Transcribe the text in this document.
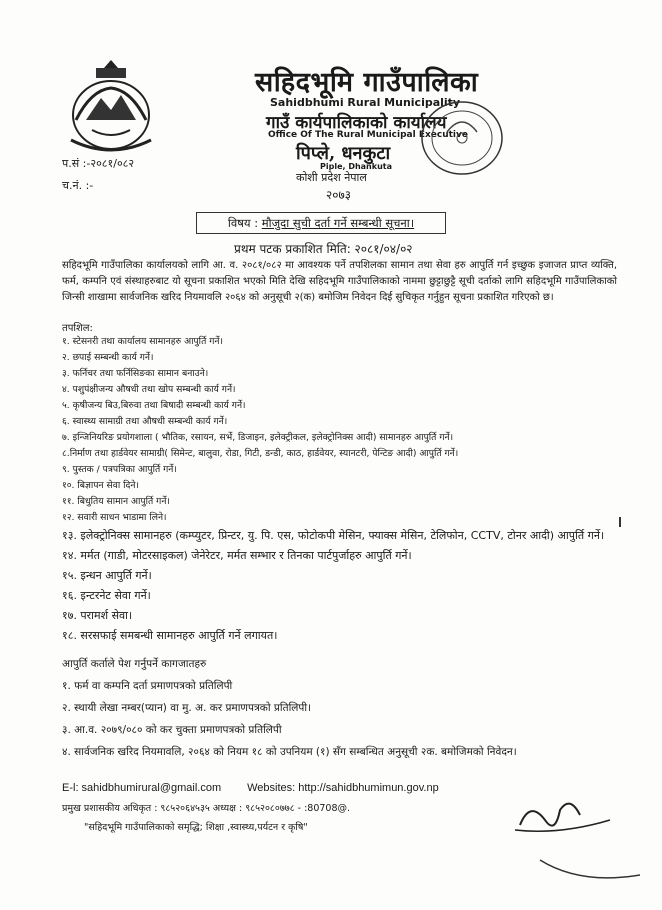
सहिदभूमि गाउँपालिका
Sahidbhumi Rural Municipality
गाउँ कार्यपालिकाको कार्यालय
Office Of The Rural Municipal Executive
पिप्ले, धनकुटा
Piple, Dhankuta
कोशी प्रदेश नेपाल
२०७३
प.सं :-२०८१/०८२
च.नं. :-
विषय : मौजुदा सुची दर्ता गर्ने सम्बन्धी सूचना।
प्रथम पटक प्रकाशित मिति: २०८१/०४/०२
सहिदभूमि गाउँपालिका कार्यालयको लागि आ. व. २०८१/०८२ मा आवश्यक पर्ने तपशिलका सामान तथा सेवा हरु आपुर्ति गर्न इच्छुक इजाजत प्राप्त व्यक्ति, फर्म, कम्पनि एवं संस्थाहरुबाट यो सूचना प्रकाशित भएको मिति देखि सहिदभूमि गाउँपालिकाको नाममा छुट्टाछुट्टै सूची दर्ताको लागि सहिदभूमि गाउँपालिकाको जिन्सी शाखामा सार्वजनिक खरिद नियमावलि २०६४ को अनुसूची २(क) बमोजिम निवेदन दिई सुचिकृत गर्नुहुन सूचना प्रकाशित गरिएको छ।
तपशिल:
१. स्टेसनरी तथा कार्यालय सामानहरु आपुर्ति गर्ने।
२. छपाई सम्बन्धी कार्य गर्ने।
३. फर्निचर तथा फर्निसिङका सामान बनाउने।
४. पशुपंक्षीजन्य औषधी तथा खोप सम्बन्धी कार्य गर्ने।
५. कृषीजन्य बिउ,बिरुवा तथा बिषादी सम्बन्धी कार्य गर्ने।
६. स्वास्थ्य सामाग्री तथा औषधी सम्बन्धी कार्य गर्ने।
७. इन्जिनियरिङ प्रयोगशाला ( भौतिक, रसायन, सर्भे, डिजाइन, इलेक्ट्रीकल, इलेक्ट्रोनिक्स आदी) सामानहरु आपुर्ति गर्ने।
८.निर्माण तथा हार्डवेयर सामाग्री( सिमेन्ट, बालुवा, रोडा, गिटी, डन्डी, काठ, हार्डवेयर, स्यानटरी, पेन्टिङ आदी) आपुर्ति गर्ने।
९. पुस्तक / पत्रपत्रिका आपुर्ति गर्ने।
१०. बिज्ञापन सेवा दिने।
११. बिधुतिय सामान आपुर्ति गर्ने।
१२. सवारी साधन भाडामा लिने।
१३. इलेक्ट्रोनिक्स सामानहरु (कम्प्युटर, प्रिन्टर, यु. पि. एस, फोटोकपी मेसिन, फ्याक्स मेसिन, टेलिफोन, CCTV, टोनर आदी) आपुर्ति गर्ने।
१४. मर्मत (गाडी, मोटरसाइकल) जेनेरेटर, मर्मत सम्भार र तिनका पार्टपुर्जाहरु आपुर्ति गर्ने।
१५. इन्धन आपुर्ति गर्ने।
१६. इन्टरनेट सेवा गर्ने।
१७. परामर्श सेवा।
१८. सरसफाई समबन्धी सामानहरु आपुर्ति गर्ने लगायत।
आपुर्ति कर्ताले पेश गर्नुपर्ने कागजातहरु
१. फर्म वा कम्पनि दर्ता प्रमाणपत्रको प्रतिलिपी
२. स्थायी लेखा नम्बर(प्यान) वा मु. अ. कर प्रमाणपत्रको प्रतिलिपी।
३. आ.व. २०७९/०८० को कर चुक्ता प्रमाणपत्रको प्रतिलिपी
४. सार्वजनिक खरिद नियमावलि, २०६४ को नियम १८ को उपनियम (१) सँग सम्बन्धित अनुसूची २क. बमोजिमको निवेदन।
E-l: sahidbhumirural@gmail.com Websites: http://sahidbhumimun.gov.np
प्रमुख प्रशासकीय अधिकृत : ९८५२०६४५३५ अध्यक्ष : ९८५२०८०७७८ - :80708@.
"सहिदभूमि गाउँपालिकाको समृद्धि; शिक्षा ,स्वास्थ्य,पर्यटन र कृषि"
